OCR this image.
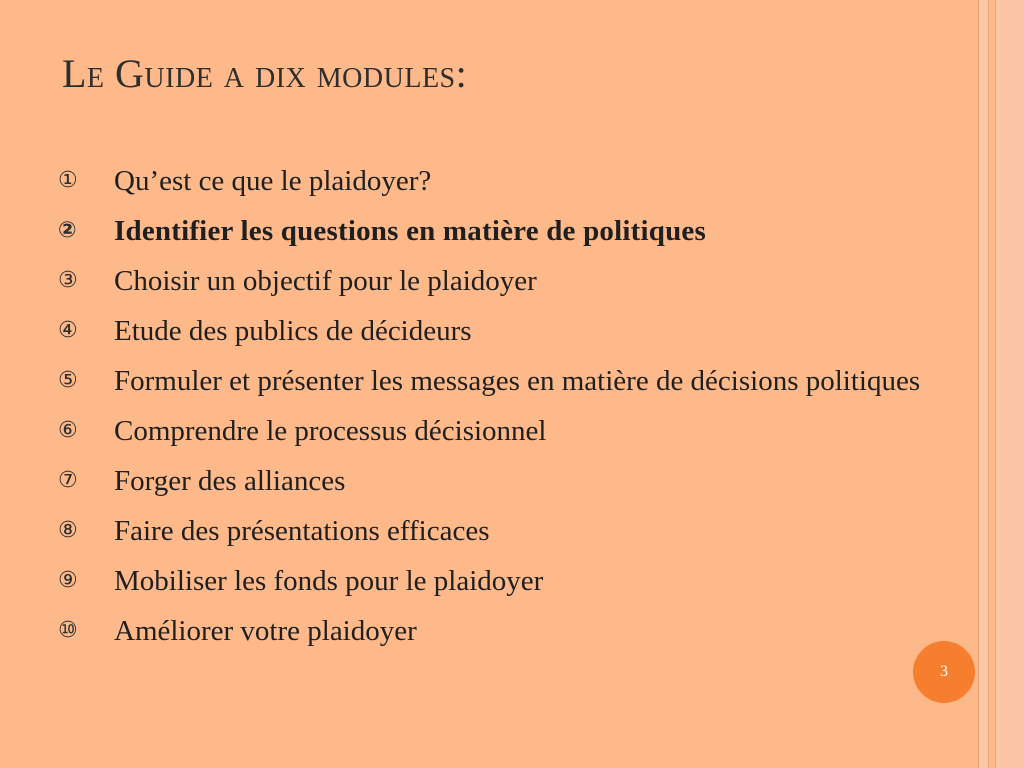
Le Guide a dix modules:
①	Qu’est ce que le plaidoyer?
②	Identifier les questions en matière de politiques
③	Choisir un objectif pour le plaidoyer
④	Etude des publics de décideurs
⑤	Formuler et présenter les messages en matière de décisions politiques
⑥	Comprendre le processus décisionnel
⑦	Forger des alliances
⑧	Faire des présentations efficaces
⑨	Mobiliser les fonds pour le plaidoyer
⑩	Améliorer votre plaidoyer
3
